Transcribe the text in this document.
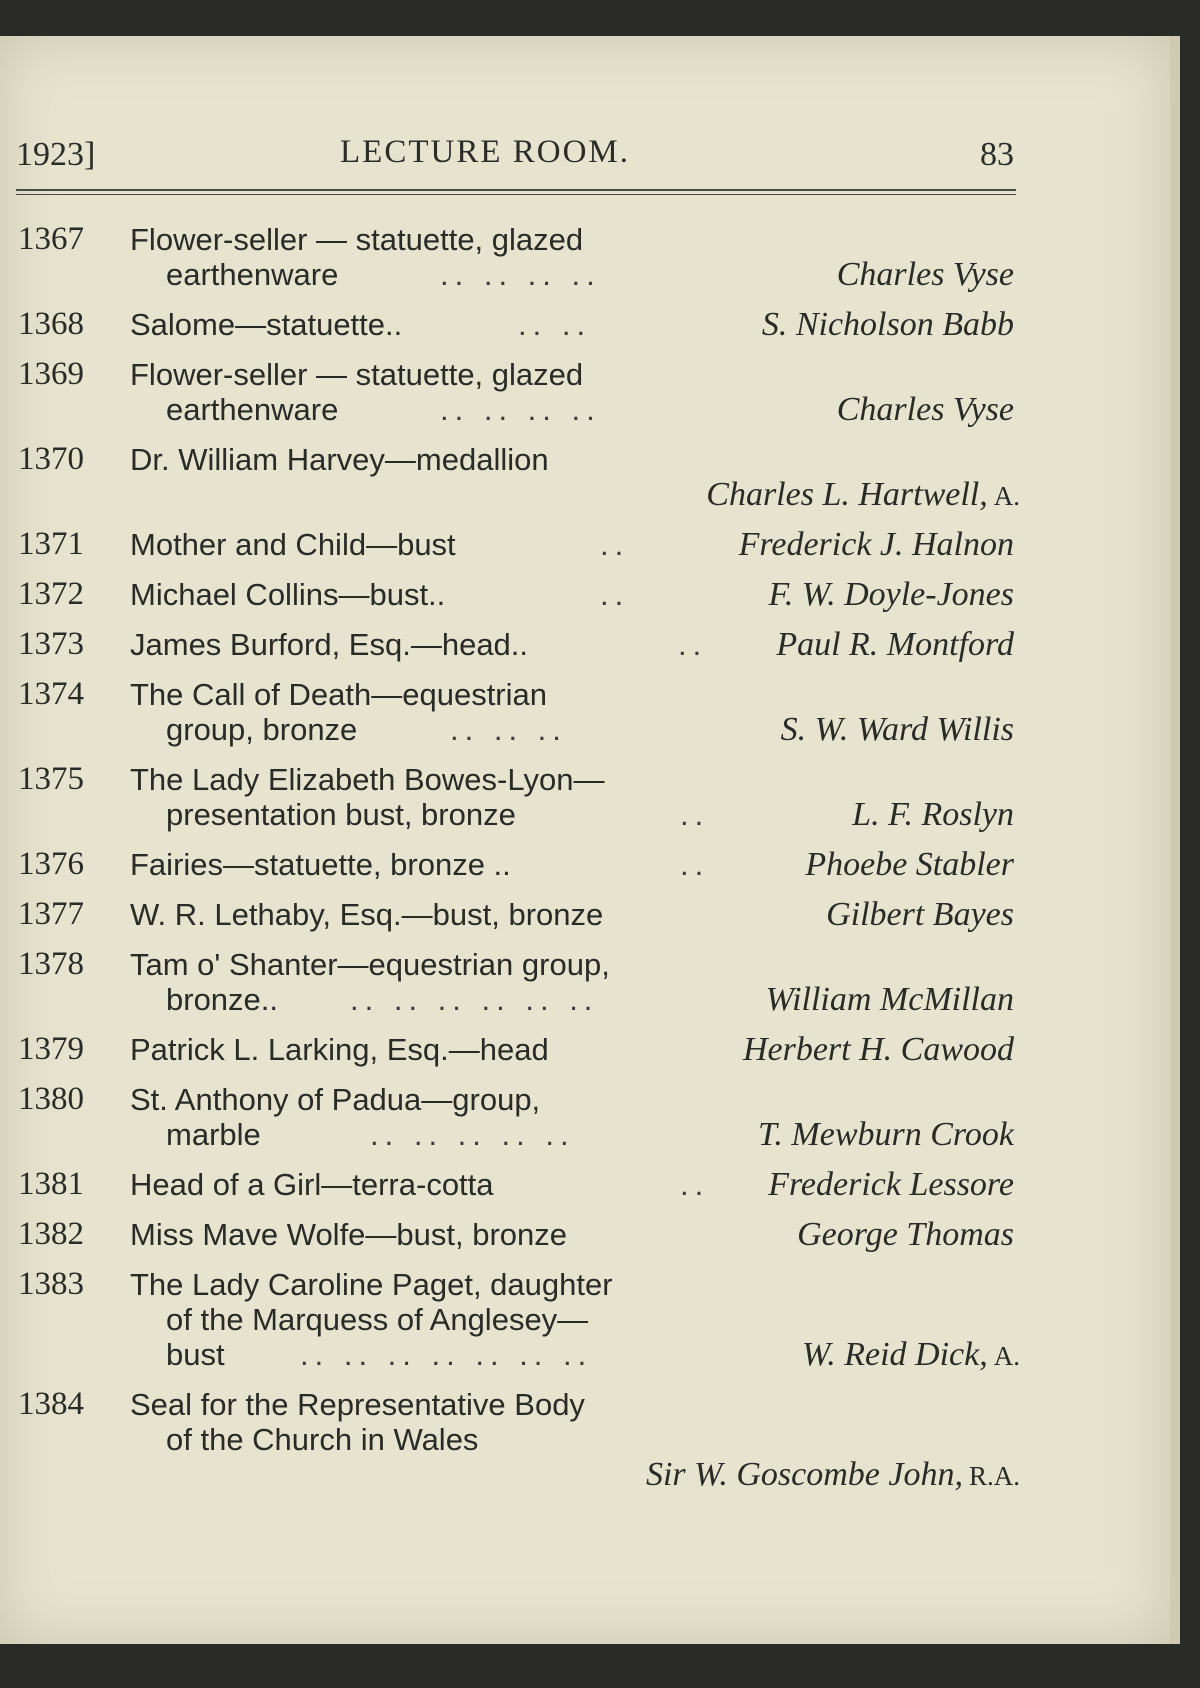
1923]	LECTURE ROOM.	83
1367 Flower-seller — statuette, glazed
earthenware	.. .. .. ..	Charles Vyse
1368 Salome—statuette..	.. ..	S. Nicholson Babb
1369 Flower-seller — statuette, glazed
earthenware	.. .. .. ..	Charles Vyse
1370 Dr. William Harvey—medallion
Charles L. Hartwell, A.
1371 Mother and Child—bust	..	Frederick J. Halnon
1372 Michael Collins—bust..	..	F. W. Doyle-Jones
1373 James Burford, Esq.—head..	.. Paul R. Montford
1374 The Call of Death—equestrian
group, bronze	.. .. ..	S. W. Ward Willis
1375 The Lady Elizabeth Bowes-Lyon—
presentation bust, bronze	..	L. F. Roslyn
1376 Fairies—statuette, bronze ..	..	Phoebe Stabler
1377 W. R. Lethaby, Esq.—bust, bronze	Gilbert Bayes
1378 Tam o' Shanter—equestrian group,
bronze.. .. .. .. .. .. ..	William McMillan
1379 Patrick L. Larking, Esq.—head	Herbert H. Cawood
1380 St. Anthony of Padua—group,
marble	.. .. .. .. ..	T. Mewburn Crook
1381 Head of a Girl—terra-cotta	.. Frederick Lessore
1382 Miss Mave Wolfe—bust, bronze	George Thomas
1383 The Lady Caroline Paget, daughter
of the Marquess of Anglesey—
bust .. .. .. .. .. .. ..	W. Reid Dick, A.
1384 Seal for the Representative Body
of the Church in Wales
Sir W. Goscombe John, R.A.
